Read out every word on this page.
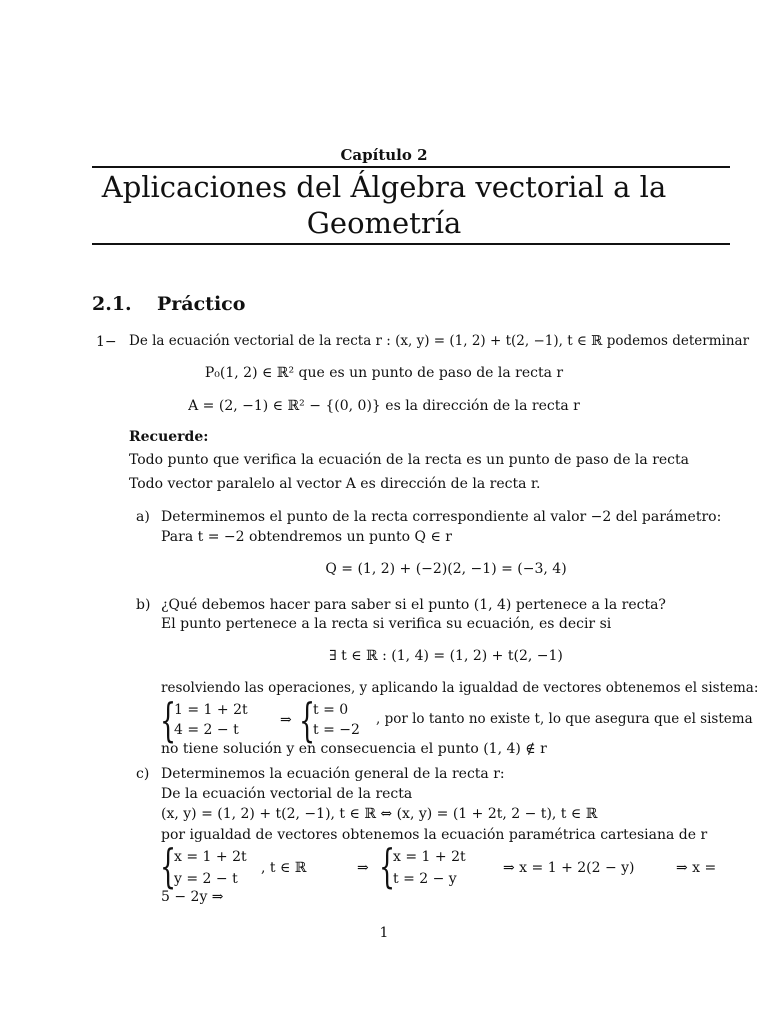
Capítulo 2
Aplicaciones del Álgebra vectorial a la
Geometría
2.1. Práctico
1− De la ecuación vectorial de la recta r : (x, y) = (1, 2) + t(2, −1), t ∈ ℝ podemos determinar
P₀(1, 2) ∈ ℝ² que es un punto de paso de la recta r
A = (2, −1) ∈ ℝ² − {(0, 0)} es la dirección de la recta r
Recuerde:
Todo punto que verifica la ecuación de la recta es un punto de paso de la recta
Todo vector paralelo al vector A es dirección de la recta r.
a) Determinemos el punto de la recta correspondiente al valor −2 del parámetro:
Para t = −2 obtendremos un punto Q ∈ r
Q = (1, 2) + (−2)(2, −1) = (−3, 4)
b) ¿Qué debemos hacer para saber si el punto (1, 4) pertenece a la recta?
El punto pertenece a la recta si verifica su ecuación, es decir si
∃ t ∈ ℝ : (1, 4) = (1, 2) + t(2, −1)
resolviendo las operaciones, y aplicando la igualdad de vectores obtenemos el sistema:
{
1 = 1 + 2t
4 = 2 − t
⇒ {
t = 0
t = −2
, por lo tanto no existe t, lo que asegura que el sistema
no tiene solución y en consecuencia el punto (1, 4) ∉ r
c) Determinemos la ecuación general de la recta r:
De la ecuación vectorial de la recta
(x, y) = (1, 2) + t(2, −1), t ∈ ℝ ⇔ (x, y) = (1 + 2t, 2 − t), t ∈ ℝ
por igualdad de vectores obtenemos la ecuación paramétrica cartesiana de r
{
x = 1 + 2t
y = 2 − t
, t ∈ ℝ	⇒ {
x = 1 + 2t
t = 2 − y
⇒ x = 1 + 2(2 − y)	⇒ x =
5 − 2y ⇒
1
